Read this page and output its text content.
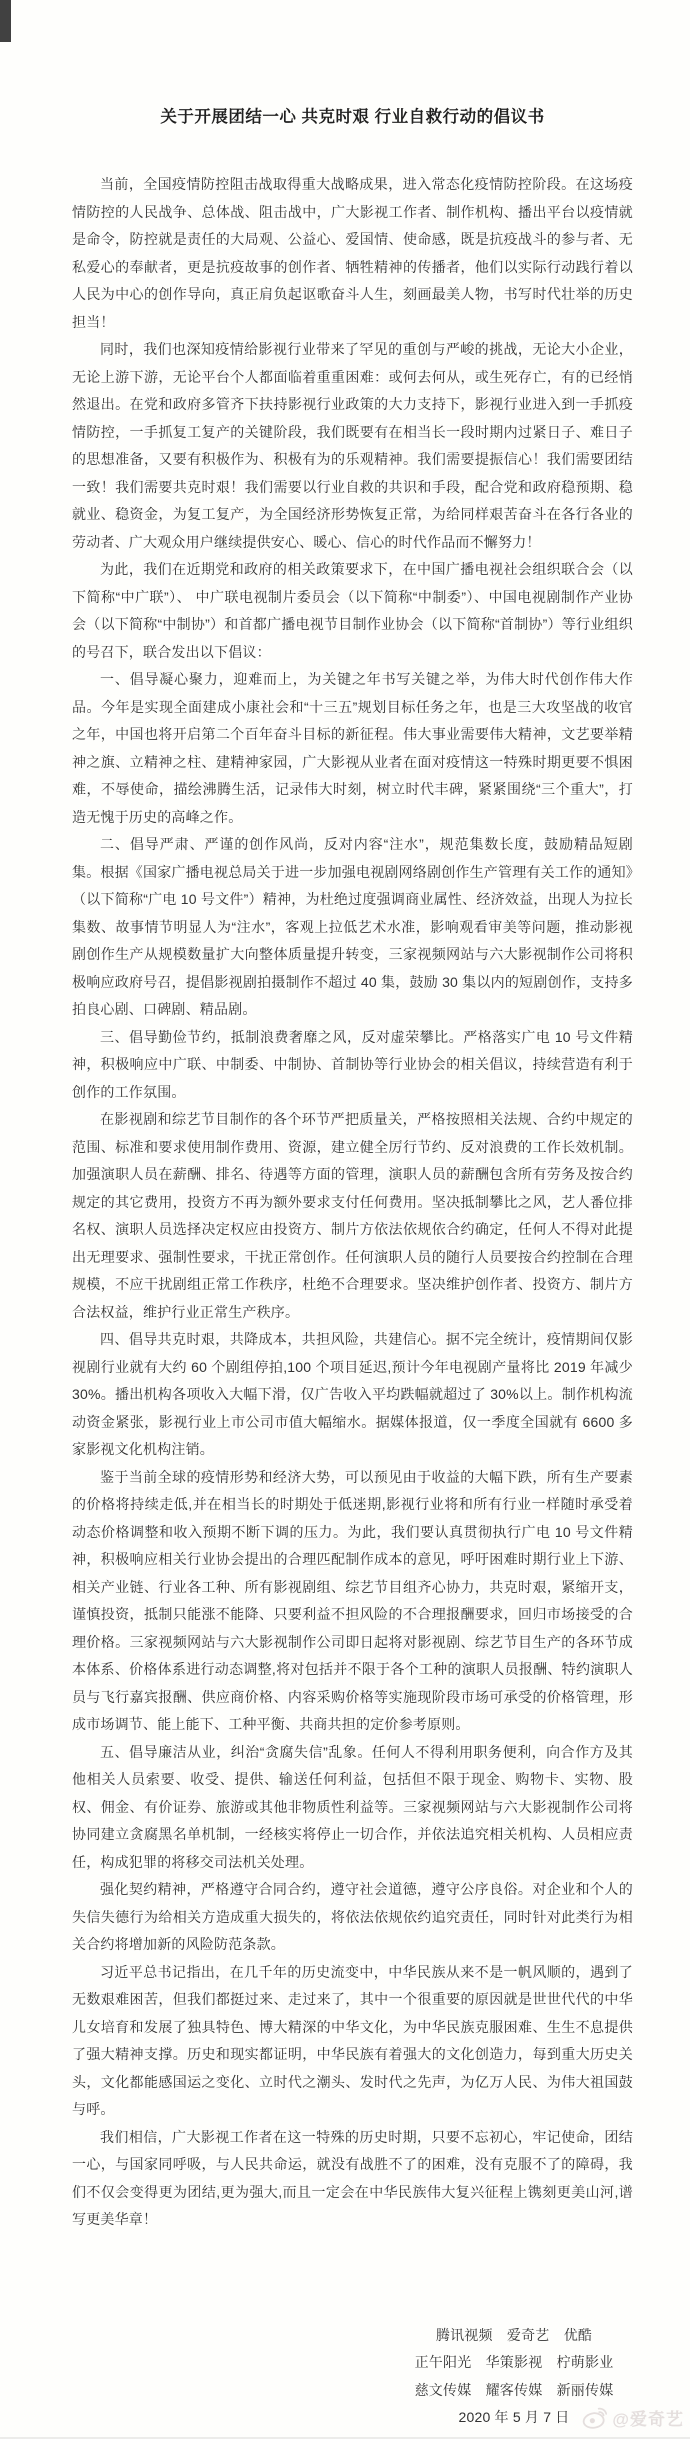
关于开展团结一心 共克时艰 行业自救行动的倡议书

当前，全国疫情防控阻击战取得重大战略成果，进入常态化疫情防控阶段。在这场疫情防控的人民战争、总体战、阻击战中，广大影视工作者、制作机构、播出平台以疫情就是命令，防控就是责任的大局观、公益心、爱国情、使命感，既是抗疫战斗的参与者、无私爱心的奉献者，更是抗疫故事的创作者、牺牲精神的传播者，他们以实际行动践行着以人民为中心的创作导向，真正肩负起讴歌奋斗人生，刻画最美人物，书写时代壮举的历史担当！

同时，我们也深知疫情给影视行业带来了罕见的重创与严峻的挑战，无论大小企业，无论上游下游，无论平台个人都面临着重重困难：或何去何从，或生死存亡，有的已经悄然退出。在党和政府多管齐下扶持影视行业政策的大力支持下，影视行业进入到一手抓疫情防控，一手抓复工复产的关键阶段，我们既要有在相当长一段时期内过紧日子、难日子的思想准备，又要有积极作为、积极有为的乐观精神。我们需要提振信心！我们需要团结一致！我们需要共克时艰！我们需要以行业自救的共识和手段，配合党和政府稳预期、稳就业、稳资金，为复工复产，为全国经济形势恢复正常，为给同样艰苦奋斗在各行各业的劳动者、广大观众用户继续提供安心、暖心、信心的时代作品而不懈努力！

为此，我们在近期党和政府的相关政策要求下，在中国广播电视社会组织联合会（以下简称“中广联”）、 中广联电视制片委员会（以下简称“中制委”）、中国电视剧制作产业协会（以下简称“中制协”）和首都广播电视节目制作业协会（以下简称“首制协”）等行业组织的号召下，联合发出以下倡议：

一、倡导凝心聚力，迎难而上，为关键之年书写关键之举，为伟大时代创作伟大作品。今年是实现全面建成小康社会和“十三五”规划目标任务之年，也是三大攻坚战的收官之年，中国也将开启第二个百年奋斗目标的新征程。伟大事业需要伟大精神，文艺要举精神之旗、立精神之柱、建精神家园，广大影视从业者在面对疫情这一特殊时期更要不惧困难，不辱使命，描绘沸腾生活，记录伟大时刻，树立时代丰碑，紧紧围绕“三个重大”，打造无愧于历史的高峰之作。

二、倡导严肃、严谨的创作风尚，反对内容“注水”，规范集数长度，鼓励精品短剧集。根据《国家广播电视总局关于进一步加强电视剧网络剧创作生产管理有关工作的通知》（以下简称“广电 10 号文件”）精神，为杜绝过度强调商业属性、经济效益，出现人为拉长集数、故事情节明显人为“注水”，客观上拉低艺术水准，影响观看审美等问题，推动影视剧创作生产从规模数量扩大向整体质量提升转变，三家视频网站与六大影视制作公司将积极响应政府号召，提倡影视剧拍摄制作不超过 40 集，鼓励 30 集以内的短剧创作，支持多拍良心剧、口碑剧、精品剧。

三、倡导勤俭节约，抵制浪费奢靡之风，反对虚荣攀比。严格落实广电 10 号文件精神，积极响应中广联、中制委、中制协、首制协等行业协会的相关倡议，持续营造有利于创作的工作氛围。

在影视剧和综艺节目制作的各个环节严把质量关，严格按照相关法规、合约中规定的范围、标准和要求使用制作费用、资源，建立健全厉行节约、反对浪费的工作长效机制。加强演职人员在薪酬、排名、待遇等方面的管理，演职人员的薪酬包含所有劳务及按合约规定的其它费用，投资方不再为额外要求支付任何费用。坚决抵制攀比之风，艺人番位排名权、演职人员选择决定权应由投资方、制片方依法依规依合约确定，任何人不得对此提出无理要求、强制性要求，干扰正常创作。任何演职人员的随行人员要按合约控制在合理规模，不应干扰剧组正常工作秩序，杜绝不合理要求。坚决维护创作者、投资方、制片方合法权益，维护行业正常生产秩序。

四、倡导共克时艰，共降成本，共担风险，共建信心。据不完全统计，疫情期间仅影视剧行业就有大约 60 个剧组停拍,100 个项目延迟,预计今年电视剧产量将比 2019 年减少 30%。播出机构各项收入大幅下滑，仅广告收入平均跌幅就超过了 30%以上。制作机构流动资金紧张，影视行业上市公司市值大幅缩水。据媒体报道，仅一季度全国就有 6600 多家影视文化机构注销。

鉴于当前全球的疫情形势和经济大势，可以预见由于收益的大幅下跌，所有生产要素的价格将持续走低,并在相当长的时期处于低迷期,影视行业将和所有行业一样随时承受着动态价格调整和收入预期不断下调的压力。为此，我们要认真贯彻执行广电 10 号文件精神，积极响应相关行业协会提出的合理匹配制作成本的意见，呼吁困难时期行业上下游、相关产业链、行业各工种、所有影视剧组、综艺节目组齐心协力，共克时艰，紧缩开支，谨慎投资，抵制只能涨不能降、只要利益不担风险的不合理报酬要求，回归市场接受的合理价格。三家视频网站与六大影视制作公司即日起将对影视剧、综艺节目生产的各环节成本体系、价格体系进行动态调整,将对包括并不限于各个工种的演职人员报酬、特约演职人员与飞行嘉宾报酬、供应商价格、内容采购价格等实施现阶段市场可承受的价格管理，形成市场调节、能上能下、工种平衡、共商共担的定价参考原则。

五、倡导廉洁从业，纠治“贪腐失信”乱象。任何人不得利用职务便利，向合作方及其他相关人员索要、收受、提供、输送任何利益，包括但不限于现金、购物卡、实物、股权、佣金、有价证券、旅游或其他非物质性利益等。三家视频网站与六大影视制作公司将协同建立贪腐黑名单机制，一经核实将停止一切合作，并依法追究相关机构、人员相应责任，构成犯罪的将移交司法机关处理。

强化契约精神，严格遵守合同合约，遵守社会道德，遵守公序良俗。对企业和个人的失信失德行为给相关方造成重大损失的，将依法依规依约追究责任，同时针对此类行为相关合约将增加新的风险防范条款。

习近平总书记指出，在几千年的历史流变中，中华民族从来不是一帆风顺的，遇到了无数艰难困苦，但我们都挺过来、走过来了，其中一个很重要的原因就是世世代代的中华儿女培育和发展了独具特色、博大精深的中华文化，为中华民族克服困难、生生不息提供了强大精神支撑。历史和现实都证明，中华民族有着强大的文化创造力，每到重大历史关头，文化都能感国运之变化、立时代之潮头、发时代之先声，为亿万人民、为伟大祖国鼓与呼。

我们相信，广大影视工作者在这一特殊的历史时期，只要不忘初心，牢记使命，团结一心，与国家同呼吸，与人民共命运，就没有战胜不了的困难，没有克服不了的障碍，我们不仅会变得更为团结,更为强大,而且一定会在中华民族伟大复兴征程上镌刻更美山河,谱写更美华章！

腾讯视频　爱奇艺　优酷
正午阳光　华策影视　柠萌影业
慈文传媒　耀客传媒　新丽传媒
2020 年 5 月 7 日	@爱奇艺
